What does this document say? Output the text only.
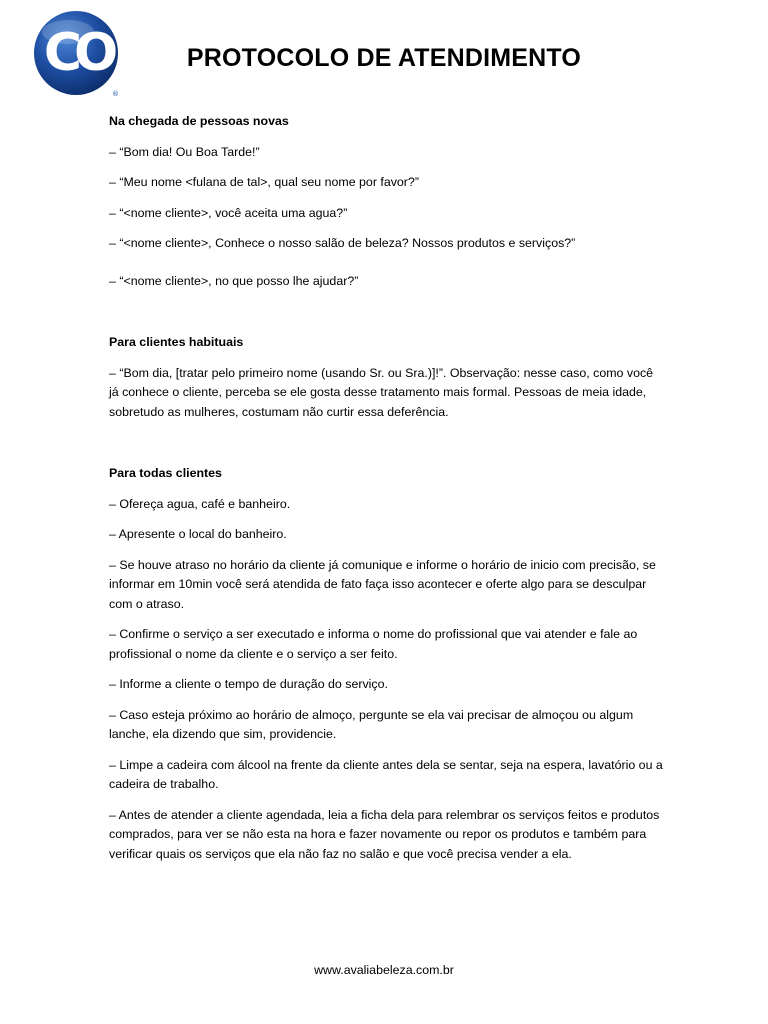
CO
®
PROTOCOLO DE ATENDIMENTO

Na chegada de pessoas novas

– “Bom dia! Ou Boa Tarde!”

– “Meu nome <fulana de tal>, qual seu nome por favor?”

– “<nome cliente>, você aceita uma agua?”

– “<nome cliente>, Conhece o nosso salão de beleza? Nossos produtos e serviços?”

– “<nome cliente>, no que posso lhe ajudar?”

Para clientes habituais

– “Bom dia, [tratar pelo primeiro nome (usando Sr. ou Sra.)]!”. Observação: nesse caso, como você já conhece o cliente, perceba se ele gosta desse tratamento mais formal. Pessoas de meia idade, sobretudo as mulheres, costumam não curtir essa deferência.

Para todas clientes

– Ofereça agua, café e banheiro.

– Apresente o local do banheiro.

– Se houve atraso no horário da cliente já comunique e informe o horário de inicio com precisão, se informar em 10min você será atendida de fato faça isso acontecer e oferte algo para se desculpar com o atraso.

– Confirme o serviço a ser executado e informa o nome do profissional que vai atender e fale ao profissional o nome da cliente e o serviço a ser feito.

– Informe a cliente o tempo de duração do serviço.

– Caso esteja próximo ao horário de almoço, pergunte se ela vai precisar de almoçou ou algum lanche, ela dizendo que sim, providencie.

– Limpe a cadeira com álcool na frente da cliente antes dela se sentar, seja na espera, lavatório ou a cadeira de trabalho.

– Antes de atender a cliente agendada, leia a ficha dela para relembrar os serviços feitos e produtos comprados, para ver se não esta na hora e fazer novamente ou repor os produtos e também para verificar quais os serviços que ela não faz no salão e que você precisa vender a ela.

www.avaliabeleza.com.br
